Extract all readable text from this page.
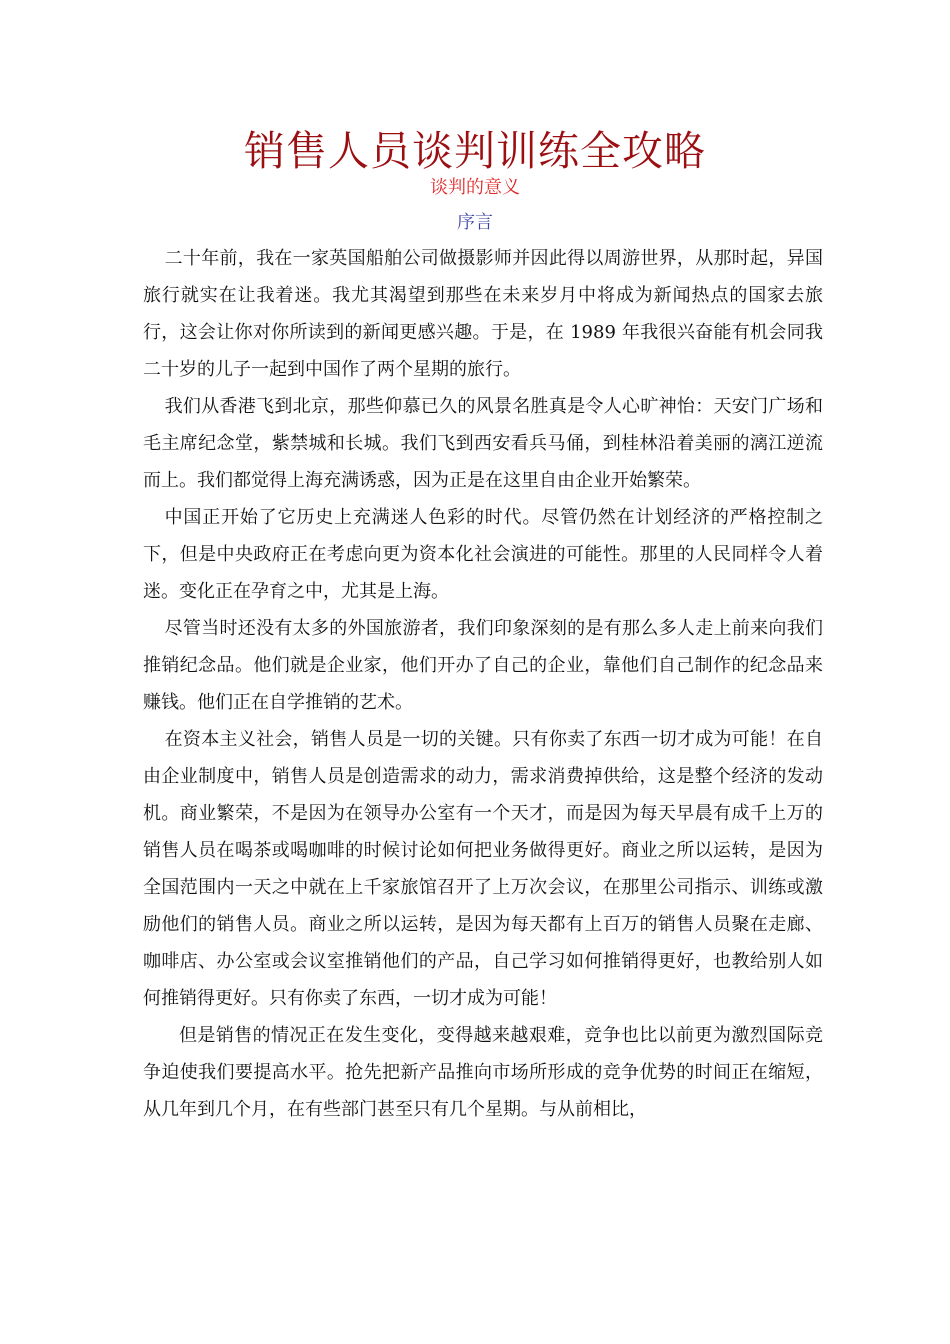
销售人员谈判训练全攻略
谈判的意义
序言

二十年前，我在一家英国船舶公司做摄影师并因此得以周游世界，从那时起，异国旅行就实在让我着迷。我尤其渴望到那些在未来岁月中将成为新闻热点的国家去旅行，这会让你对你所读到的新闻更感兴趣。于是，在 1989 年我很兴奋能有机会同我二十岁的儿子一起到中国作了两个星期的旅行。

我们从香港飞到北京，那些仰慕已久的风景名胜真是令人心旷神怡：天安门广场和毛主席纪念堂，紫禁城和长城。我们飞到西安看兵马俑，到桂林沿着美丽的漓江逆流而上。我们都觉得上海充满诱惑，因为正是在这里自由企业开始繁荣。

中国正开始了它历史上充满迷人色彩的时代。尽管仍然在计划经济的严格控制之下，但是中央政府正在考虑向更为资本化社会演进的可能性。那里的人民同样令人着迷。变化正在孕育之中，尤其是上海。

尽管当时还没有太多的外国旅游者，我们印象深刻的是有那么多人走上前来向我们推销纪念品。他们就是企业家，他们开办了自己的企业，靠他们自己制作的纪念品来赚钱。他们正在自学推销的艺术。

在资本主义社会，销售人员是一切的关键。只有你卖了东西一切才成为可能！在自由企业制度中，销售人员是创造需求的动力，需求消费掉供给，这是整个经济的发动机。商业繁荣，不是因为在领导办公室有一个天才，而是因为每天早晨有成千上万的销售人员在喝茶或喝咖啡的时候讨论如何把业务做得更好。商业之所以运转，是因为全国范围内一天之中就在上千家旅馆召开了上万次会议，在那里公司指示、训练或激励他们的销售人员。商业之所以运转，是因为每天都有上百万的销售人员聚在走廊、咖啡店、办公室或会议室推销他们的产品，自己学习如何推销得更好，也教给别人如何推销得更好。只有你卖了东西，一切才成为可能！

但是销售的情况正在发生变化，变得越来越艰难，竞争也比以前更为激烈国际竞争迫使我们要提高水平。抢先把新产品推向市场所形成的竞争优势的时间正在缩短，从几年到几个月，在有些部门甚至只有几个星期。与从前相比，
